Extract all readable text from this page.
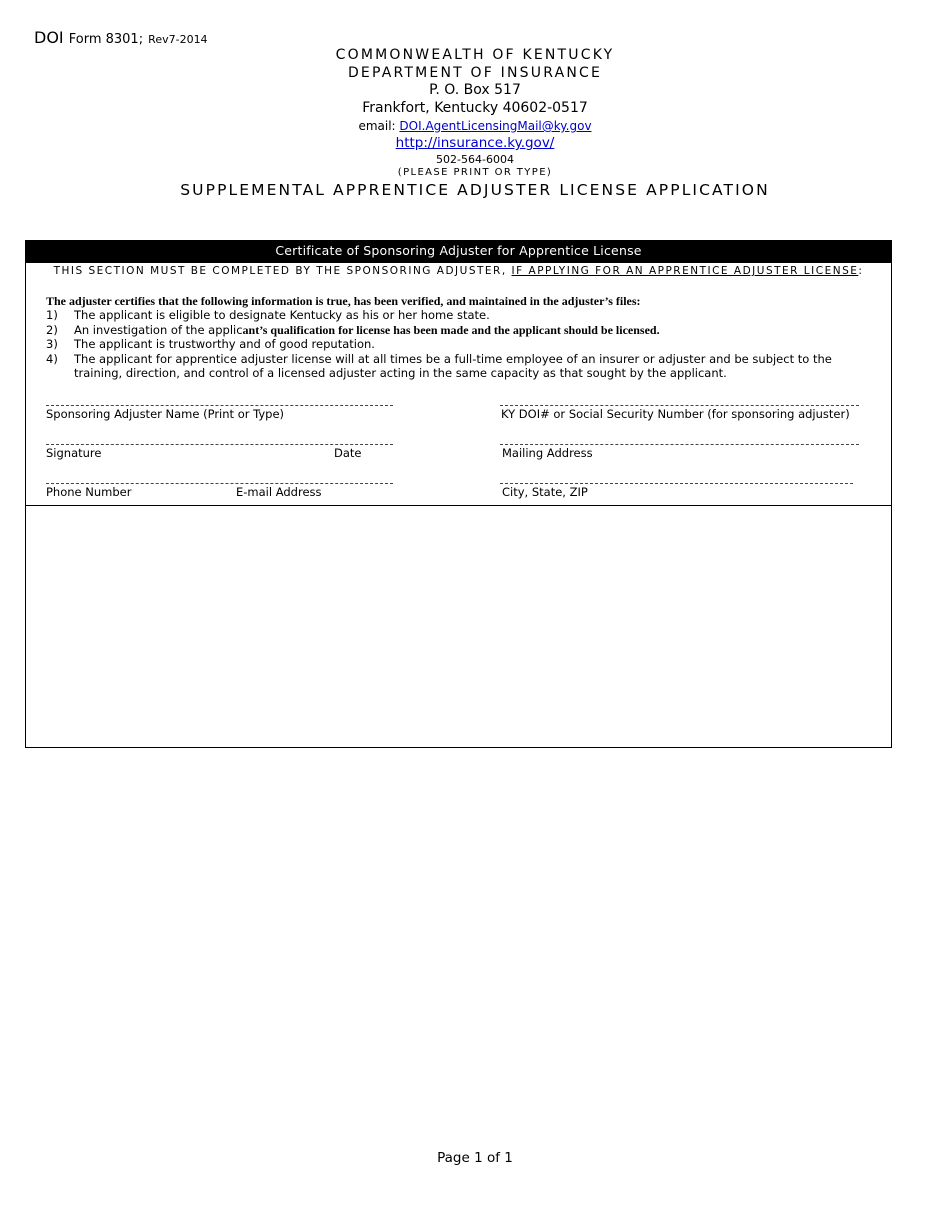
DOI Form 8301; Rev7-2014
COMMONWEALTH OF KENTUCKY
DEPARTMENT OF INSURANCE
P. O. Box 517
Frankfort, Kentucky 40602-0517
email: DOI.AgentLicensingMail@ky.gov
http://insurance.ky.gov/
502-564-6004
(PLEASE PRINT OR TYPE)
SUPPLEMENTAL APPRENTICE ADJUSTER LICENSE APPLICATION
Certificate of Sponsoring Adjuster for Apprentice License
THIS SECTION MUST BE COMPLETED BY THE SPONSORING ADJUSTER, IF APPLYING FOR AN APPRENTICE ADJUSTER LICENSE:
The adjuster certifies that the following information is true, has been verified, and maintained in the adjuster’s files:
1) The applicant is eligible to designate Kentucky as his or her home state.
2) An investigation of the applicant’s qualification for license has been made and the applicant should be licensed.
3) The applicant is trustworthy and of good reputation.
4) The applicant for apprentice adjuster license will at all times be a full-time employee of an insurer or adjuster and be subject to the training, direction, and control of a licensed adjuster acting in the same capacity as that sought by the applicant.
Sponsoring Adjuster Name (Print or Type)	KY DOI# or Social Security Number (for sponsoring adjuster)
Signature	Date	Mailing Address
Phone Number	E-mail Address	City, State, ZIP
Page 1 of 1
